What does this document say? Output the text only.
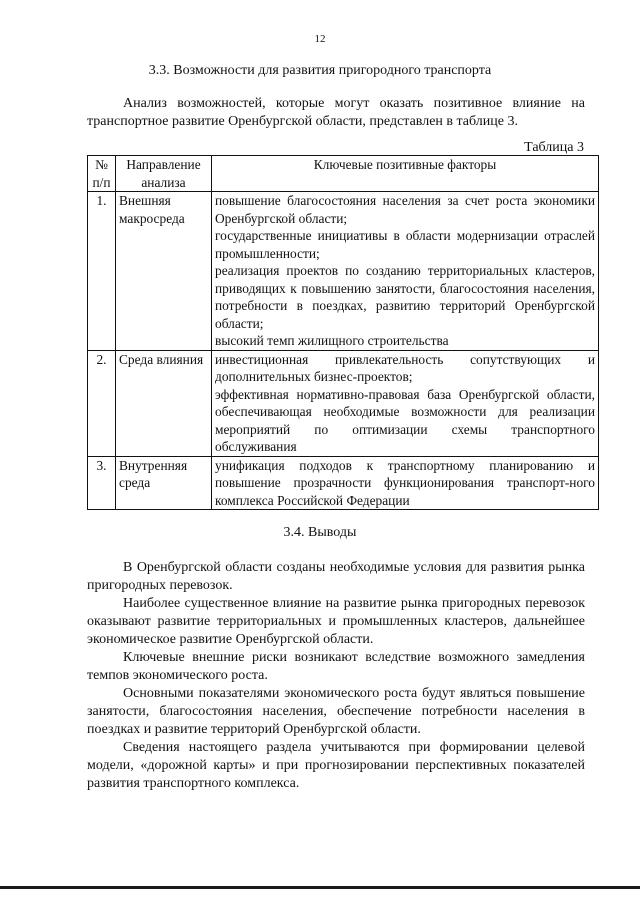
12
3.3. Возможности для развития пригородного транспорта
Анализ возможностей, которые могут оказать позитивное влияние на транспортное развитие Оренбургской области, представлен в таблице 3.
Таблица 3
№ п/п	Направление анализа	Ключевые позитивные факторы
1.	Внешняя макросреда	повышение благосостояния населения за счет роста экономики Оренбургской области;
государственные инициативы в области модернизации отраслей промышленности;
реализация проектов по созданию территориальных кластеров, приводящих к повышению занятости, благосостояния населения, потребности в поездках, развитию территорий Оренбургской области;
высокий темп жилищного строительства

2.	Среда влияния	инвестиционная привлекательность сопутствующих и дополнительных бизнес-проектов;
эффективная нормативно-правовая база Оренбургской области, обеспечивающая необходимые возможности для реализации мероприятий по оптимизации схемы транспортного обслуживания

3.	Внутренняя среда	унификация подходов к транспортному планированию и повышение прозрачности функционирования транспорт-ного комплекса Российской Федерации
3.4. Выводы

В Оренбургской области созданы необходимые условия для развития рынка пригородных перевозок.

Наиболее существенное влияние на развитие рынка пригородных перевозок оказывают развитие территориальных и промышленных кластеров, дальнейшее экономическое развитие Оренбургской области.

Ключевые внешние риски возникают вследствие возможного замедления темпов экономического роста.

Основными показателями экономического роста будут являться повышение занятости, благосостояния населения, обеспечение потребности населения в поездках и развитие территорий Оренбургской области.

Сведения настоящего раздела учитываются при формировании целевой модели, «дорожной карты» и при прогнозировании перспективных показателей развития транспортного комплекса.
